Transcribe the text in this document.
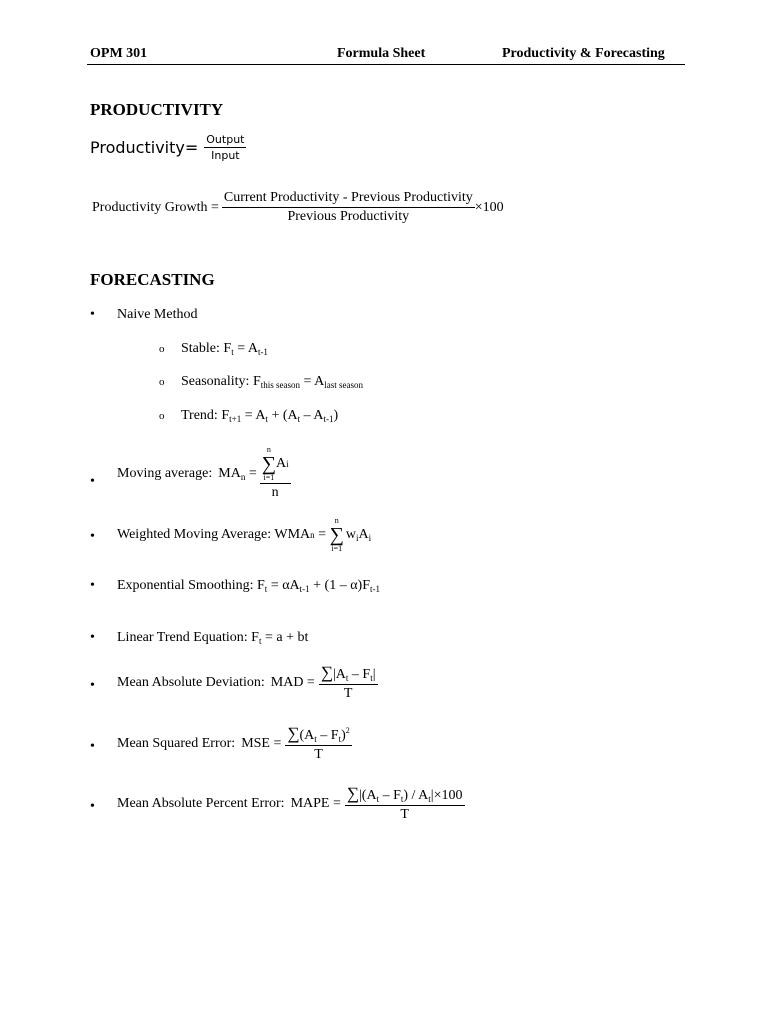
OPM 301	Formula Sheet	Productivity & Forecasting
PRODUCTIVITY
Productivity= $\frac{\text{Output}}{\text{Input}}$
Productivity Growth = $\frac{\text{Current Productivity - Previous Productivity}}{\text{Previous Productivity}} \times 100$
FORECASTING
•
Naive Method
o
Stable: $F_t = A_{t-1}$
o
Seasonality: $F_{this season} = A_{last season}$
o
Trend: $F_{t+1} = A_t + (A_t - A_{t-1})$
•
Moving average: $MA_n = n$
∑
i=1
A i
n
•
Weighted Moving Average: WMA n =
n
∑
i=1
$w_iA_i$
•
Exponential Smoothing: $F_t = \alpha A_{t-1} + (1 - \alpha)F_{t-1}$
•
Linear Trend Equation: $F_t = a$ + bt
•
Mean Absolute Deviation: MAD = $\frac{\sum|A_t - F_t|}{T}$
•
Mean Squared Error: MSE = $\frac{\sum(A_t - F_t)^2}{T}$
•
Mean Absolute Percent Error: MAPE = $\frac{\sum|(A_t - F_t) / A_t|\times 100}{T}$
